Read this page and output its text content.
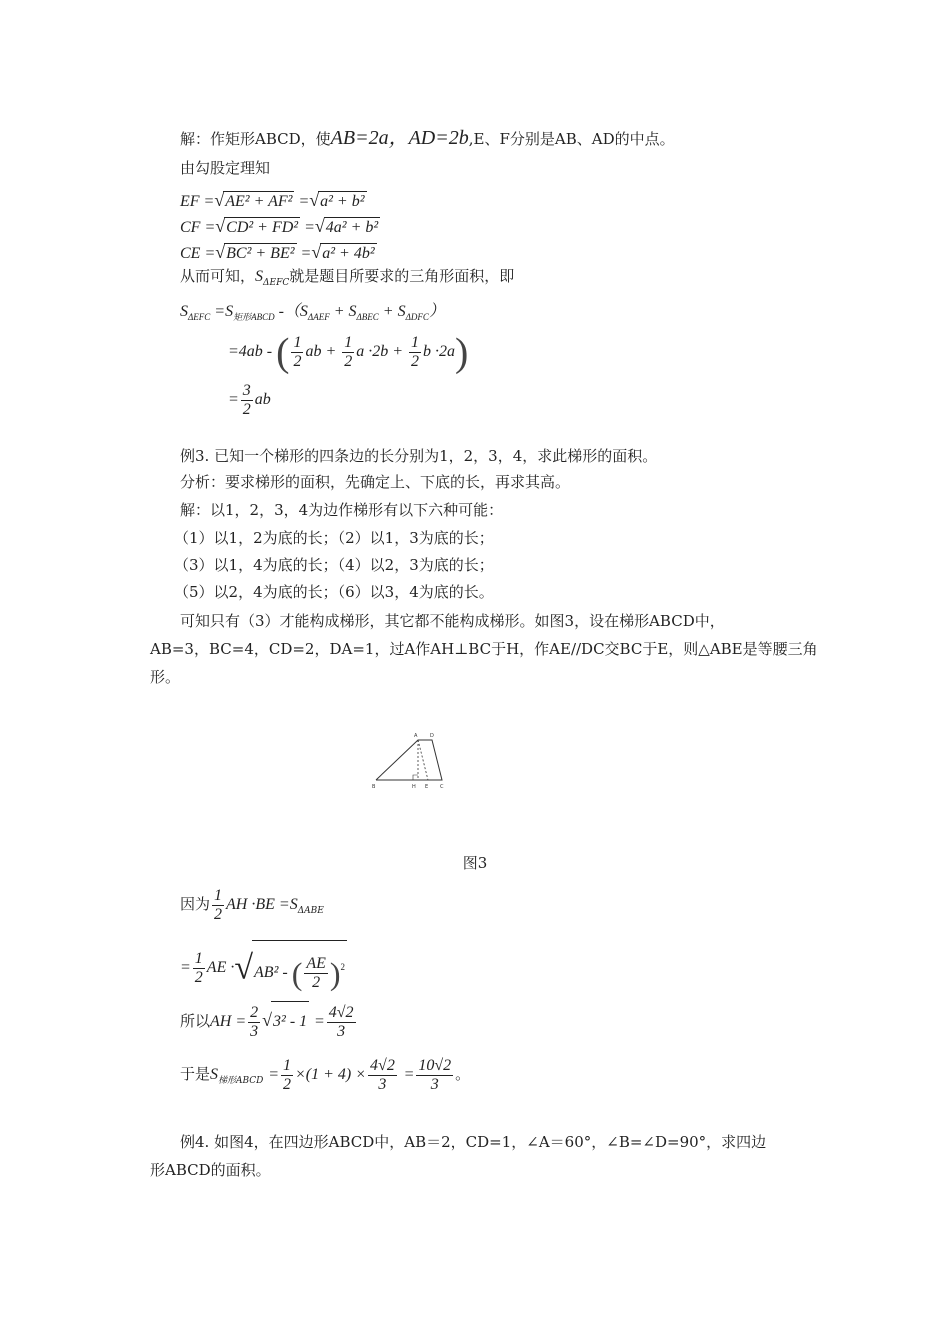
解：作矩形ABCD，使AB=2a，AD=2b,E、F分别是AB、AD的中点。
由勾股定理知
EF =√AE² + AF² =√a² + b²
CF =√CD² + FD² =√4a² + b²
CE =√BC² + BE² =√a² + 4b²
从而可知，$S_{\Delta EFC}$就是题目所要求的三角形面积，即
$S_{\Delta EFC} =S_{矩形ABCD}$ $-(S_{\Delta AEF} + S_{\Delta BEC} + S_{\Delta DFC})$
=4ab - ( $\frac{1}{2}$ ab + $\frac{1}{2}$ $a \cdot 2b + \frac{1}{2}$ b ·2a)
= $\frac{3}{2}$ ab
例3. 已知一个梯形的四条边的长分别为1，2，3，4，求此梯形的面积。
分析：要求梯形的面积，先确定上、下底的长，再求其高。
解：以1，2，3，4为边作梯形有以下六种可能：
（1）以1，2为底的长；（2）以1，3为底的长；
（3）以1，4为底的长；（4）以2，3为底的长；
（5）以2，4为底的长；（6）以3，4为底的长。
可知只有（3）才能构成梯形，其它都不能构成梯形。如图3，设在梯形ABCD中，
AB=3，BC=4，CD=2，DA=1，过A作AH⊥BC于H，作AE//DC交BC于E，则△ABE是等腰三角
形。
A	D
B	H E C
图3
因为 $\frac{1}{2}$ AH $\cdot BE =S_{\Delta ABE}$
= $\frac{1}{2}$ AE ·√AB² - ( $\frac{AE}{2} )^2$
所以AH = $\frac{2}{3} √3^2 - 1 = \frac{4√2}{3}$
于是$S_{梯形ABCD} = \frac{1}{2} \times(1 + 4) \times \frac{4√2}{3} = \frac{10√2}{3}$ 。
例4. 如图4，在四边形ABCD中，AB＝2，CD=1，∠A＝60°，∠B=∠D=90°，求四边
形ABCD的面积。
